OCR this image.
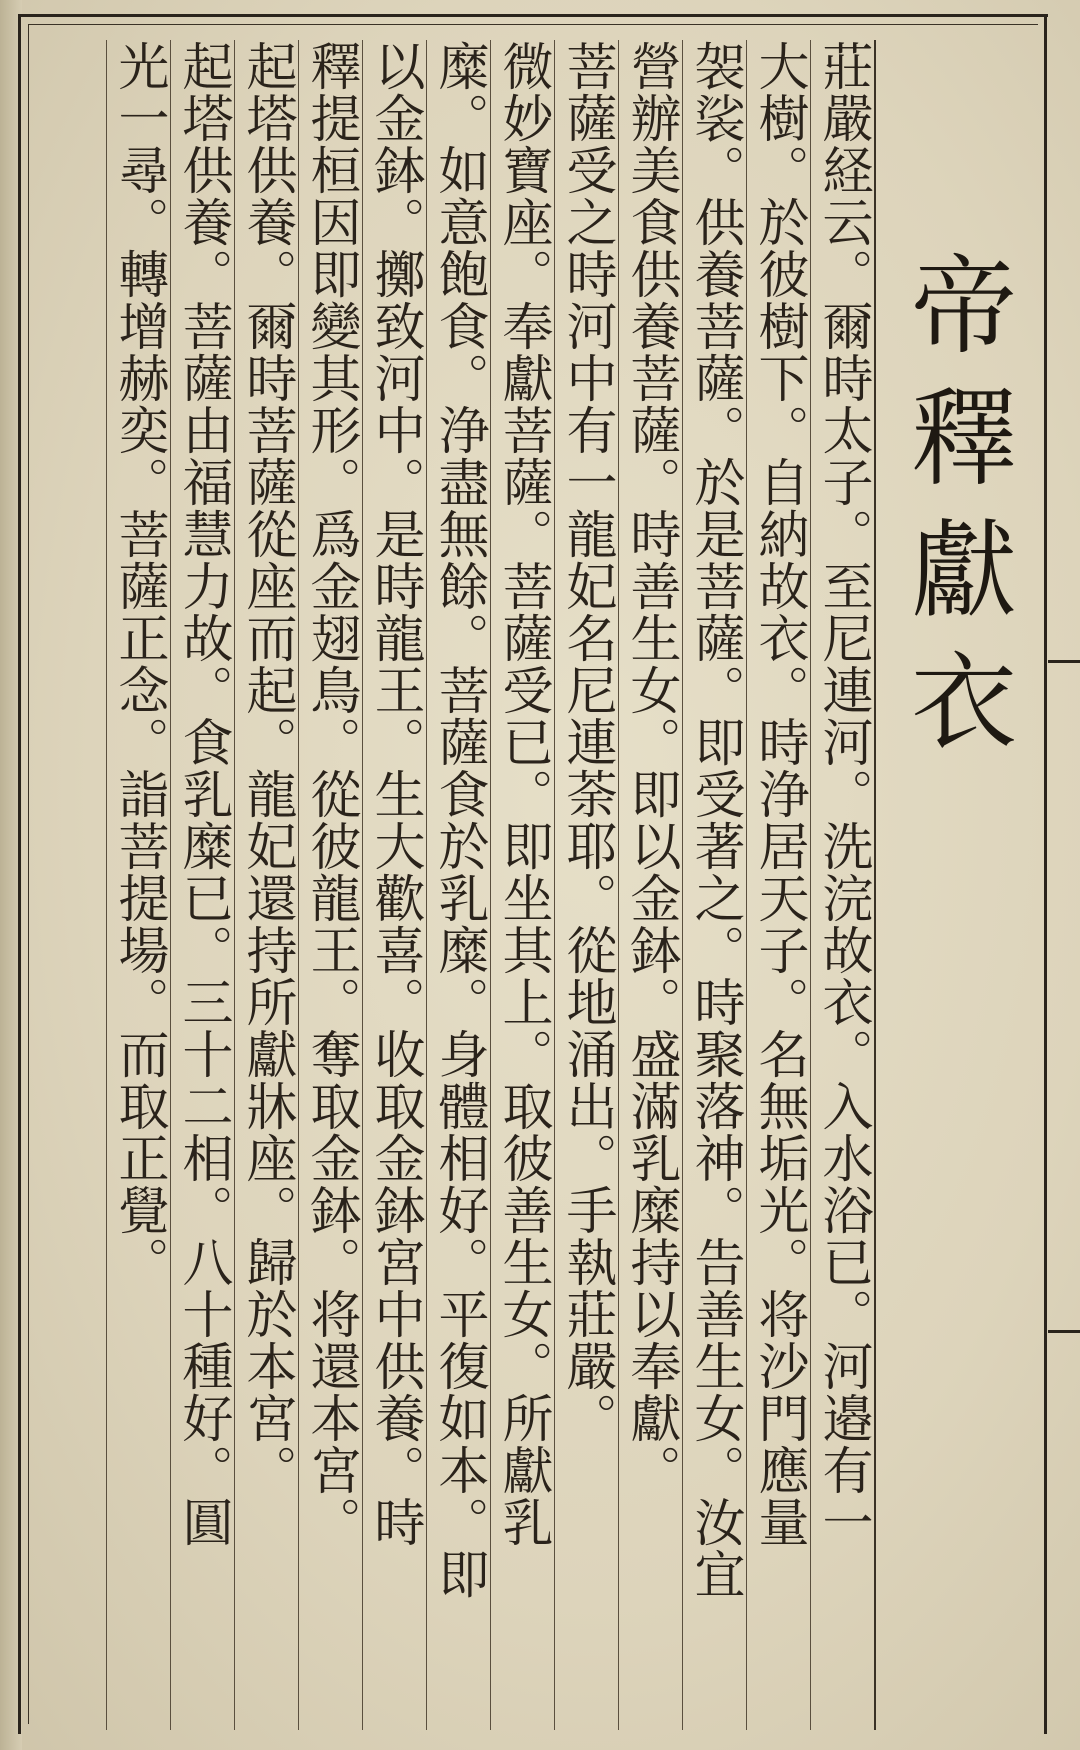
帝釋獻衣
莊嚴経云。爾時太子。至尼連河。洗浣故衣。入水浴已。河邉有一
大樹。於彼樹下。自納故衣。時浄居天子。名無垢光。将沙門應量
袈裟。供養菩薩。於是菩薩。即受著之。時聚落神。告善生女。汝宜
營辦美食供養菩薩。時善生女。即以金鉢。盛滿乳糜持以奉獻。
菩薩受之時河中有一龍妃名尼連荼耶。從地涌出。手執莊嚴。
微妙寶座。奉獻菩薩。菩薩受已。即坐其上。取彼善生女。所獻乳
糜。如意飽食。浄盡無餘。菩薩食於乳糜。身體相好。平復如本。即
以金鉢。擲致河中。是時龍王。生大歡喜。收取金鉢宮中供養。時
釋提桓因即變其形。爲金翅鳥。從彼龍王。奪取金鉢。将還本宮。
起塔供養。爾時菩薩從座而起。龍妃還持所獻牀座。歸於本宮。
起塔供養。菩薩由福慧力故。食乳糜已。三十二相。八十種好。圓
光一尋。轉增赫奕。菩薩正念。詣菩提場。而取正覺。
